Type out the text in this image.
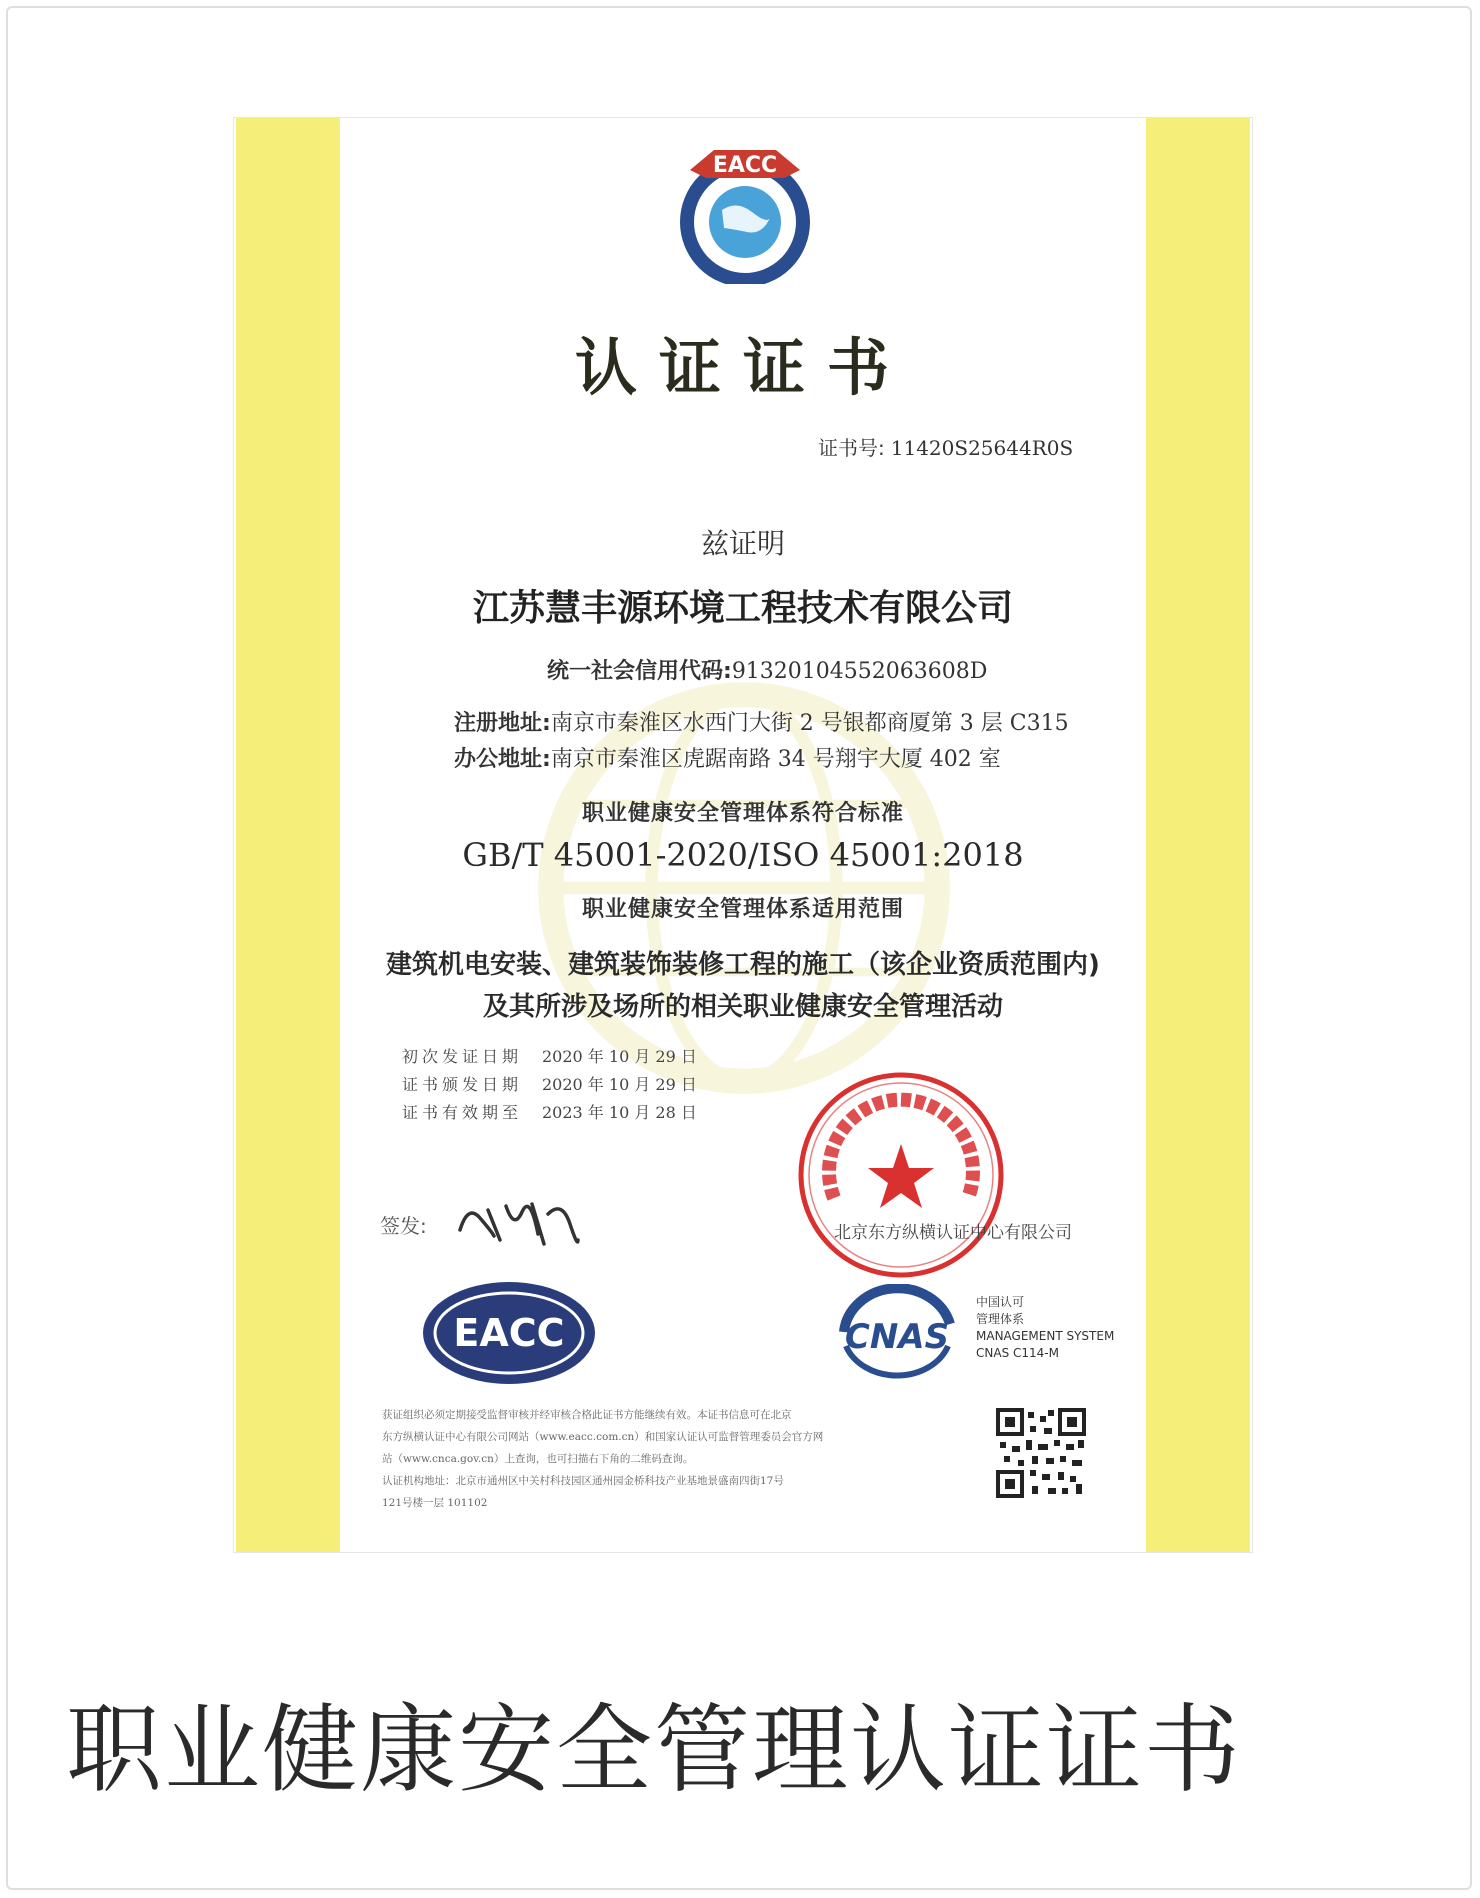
EACC
认证证书
证书号: 11420S25644R0S
兹证明
江苏慧丰源环境工程技术有限公司
统一社会信用代码:91320104552063608D
注册地址:南京市秦淮区水西门大街 2 号银都商厦第 3 层 C315
办公地址:南京市秦淮区虎踞南路 34 号翔宇大厦 402 室
职业健康安全管理体系符合标准
GB/T 45001-2020/ISO 45001:2018
职业健康安全管理体系适用范围
建筑机电安装、建筑装饰装修工程的施工（该企业资质范围内)
及其所涉及场所的相关职业健康安全管理活动
初次发证日期	2020 年 10 月 29 日
证书颁发日期	2020 年 10 月 29 日
证书有效期至	2023 年 10 月 28 日
签发:	北京东方纵横认证中心有限公司
EACC	CNAS
中国认可
管理体系
MANAGEMENT SYSTEM
CNAS C114-M

获证组织必须定期接受监督审核并经审核合格此证书方能继续有效。本证书信息可在北京

东方纵横认证中心有限公司网站（www.eacc.com.cn）和国家认证认可监督管理委员会官方网

站（www.cnca.gov.cn）上查询，也可扫描右下角的二维码查询。

认证机构地址：北京市通州区中关村科技园区通州园金桥科技产业基地景盛南四街17号

121号楼一层 101102

职业健康安全管理认证证书
